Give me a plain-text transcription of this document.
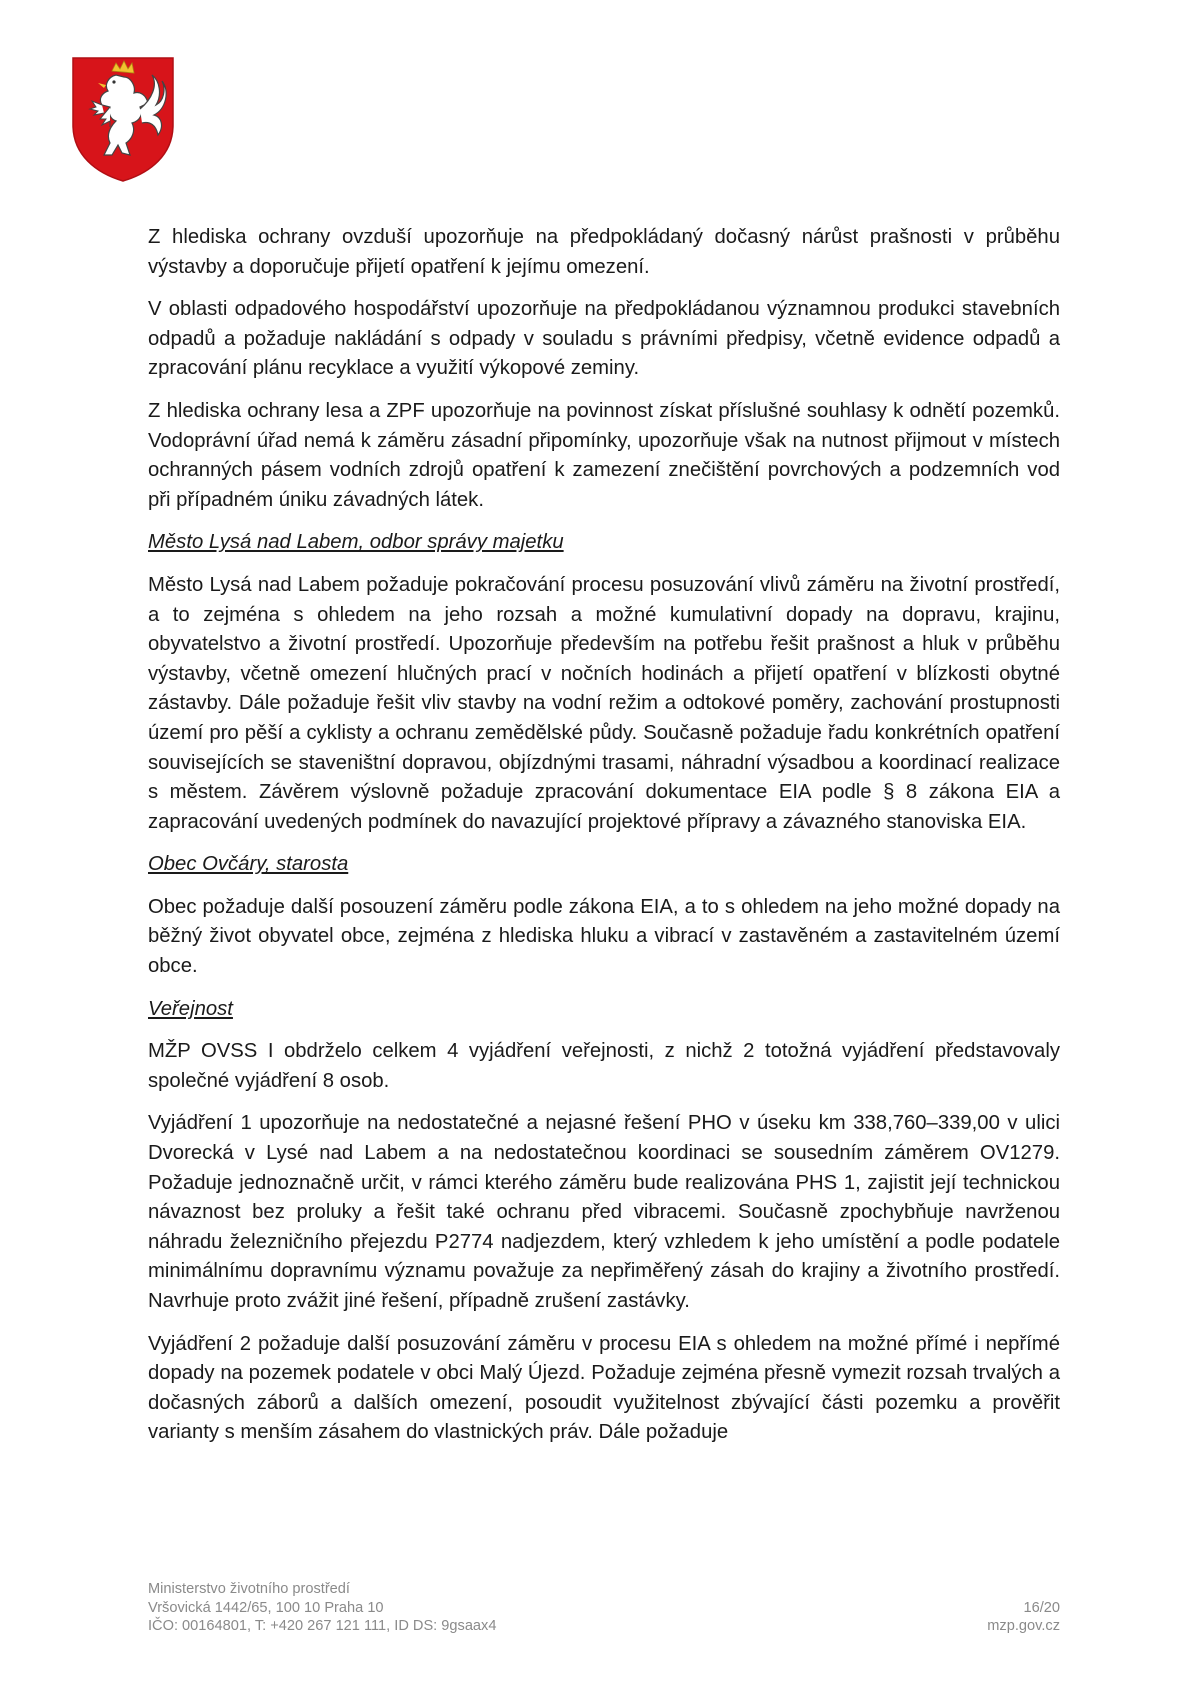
Z hlediska ochrany ovzduší upozorňuje na předpokládaný dočasný nárůst prašnosti v průběhu výstavby a doporučuje přijetí opatření k jejímu omezení.

V oblasti odpadového hospodářství upozorňuje na předpokládanou významnou produkci stavebních odpadů a požaduje nakládání s odpady v souladu s právními předpisy, včetně evidence odpadů a zpracování plánu recyklace a využití výkopové zeminy.

Z hlediska ochrany lesa a ZPF upozorňuje na povinnost získat příslušné souhlasy k odnětí pozemků. Vodoprávní úřad nemá k záměru zásadní připomínky, upozorňuje však na nutnost přijmout v místech ochranných pásem vodních zdrojů opatření k zamezení znečištění povrchových a podzemních vod při případném úniku závadných látek.

Město Lysá nad Labem, odbor správy majetku

Město Lysá nad Labem požaduje pokračování procesu posuzování vlivů záměru na životní prostředí, a to zejména s ohledem na jeho rozsah a možné kumulativní dopady na dopravu, krajinu, obyvatelstvo a životní prostředí. Upozorňuje především na potřebu řešit prašnost a hluk v průběhu výstavby, včetně omezení hlučných prací v nočních hodinách a přijetí opatření v blízkosti obytné zástavby. Dále požaduje řešit vliv stavby na vodní režim a odtokové poměry, zachování prostupnosti území pro pěší a cyklisty a ochranu zemědělské půdy. Současně požaduje řadu konkrétních opatření souvisejících se staveništní dopravou, objízdnými trasami, náhradní výsadbou a koordinací realizace s městem. Závěrem výslovně požaduje zpracování dokumentace EIA podle § 8 zákona EIA a zapracování uvedených podmínek do navazující projektové přípravy a závazného stanoviska EIA.

Obec Ovčáry, starosta

Obec požaduje další posouzení záměru podle zákona EIA, a to s ohledem na jeho možné dopady na běžný život obyvatel obce, zejména z hlediska hluku a vibrací v zastavěném a zastavitelném území obce.

Veřejnost

MŽP OVSS I obdrželo celkem 4 vyjádření veřejnosti, z nichž 2 totožná vyjádření představovaly společné vyjádření 8 osob.

Vyjádření 1 upozorňuje na nedostatečné a nejasné řešení PHO v úseku km 338,760–339,00 v ulici Dvorecká v Lysé nad Labem a na nedostatečnou koordinaci se sousedním záměrem OV1279. Požaduje jednoznačně určit, v rámci kterého záměru bude realizována PHS 1, zajistit její technickou návaznost bez proluky a řešit také ochranu před vibracemi. Současně zpochybňuje navrženou náhradu železničního přejezdu P2774 nadjezdem, který vzhledem k jeho umístění a podle podatele minimálnímu dopravnímu významu považuje za nepřiměřený zásah do krajiny a životního prostředí. Navrhuje proto zvážit jiné řešení, případně zrušení zastávky.

Vyjádření 2 požaduje další posuzování záměru v procesu EIA s ohledem na možné přímé i nepřímé dopady na pozemek podatele v obci Malý Újezd. Požaduje zejména přesně vymezit rozsah trvalých a dočasných záborů a dalších omezení, posoudit využitelnost zbývající části pozemku a prověřit varianty s menším zásahem do vlastnických práv. Dále požaduje

Ministerstvo životního prostředí
Vršovická 1442/65, 100 10 Praha 10
IČO: 00164801, T: +420 267 121 111, ID DS: 9gsaax4
16/20
mzp.gov.cz
